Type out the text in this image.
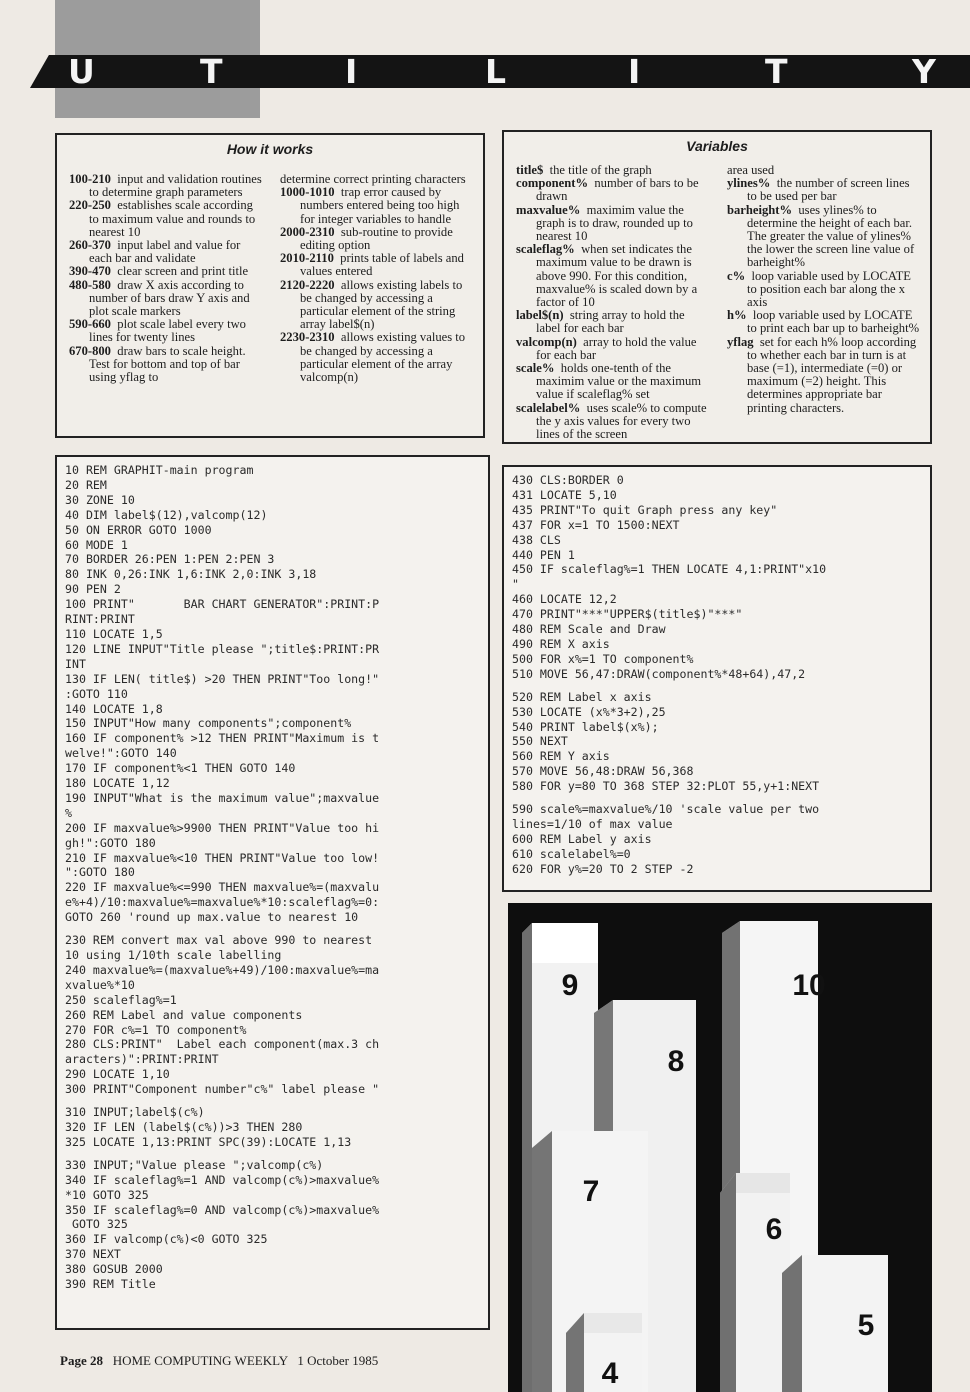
U	T	I	L	I	T	Y
How it works
100-210 input and validation routines to determine graph parameters
220-250 establishes scale according to maximum value and rounds to nearest 10
260-370 input label and value for each bar and validate
390-470 clear screen and print title
480-580 draw X axis according to number of bars draw Y axis and plot scale markers
590-660 plot scale label every two lines for twenty lines
670-800 draw bars to scale height. Test for bottom and top of bar using yflag to
determine correct printing characters
1000-1010 trap error caused by numbers entered being too high for integer variables to handle
2000-2310 sub-routine to provide editing option
2010-2110 prints table of labels and values entered
2120-2220 allows existing labels to be changed by accessing a particular element of the string array label$(n)
2230-2310 allows existing values to be changed by accessing a particular element of the array valcomp(n)
Variables
title$ the title of the graph
component% number of bars to be drawn
maxvalue% maximim value the graph is to draw, rounded up to nearest 10
scaleflag% when set indicates the maximum value to be drawn is above 990. For this condition, maxvalue% is scaled down by a factor of 10
label$(n) string array to hold the label for each bar
valcomp(n) array to hold the value for each bar
scale% holds one-tenth of the maximim value or the maximum value if scaleflag% set
scalelabel% uses scale% to compute the y axis values for every two lines of the screen
area used
ylines% the number of screen lines to be used per bar
barheight% uses ylines% to determine the height of each bar. The greater the value of ylines% the lower the screen line value of barheight%
c% loop variable used by LOCATE to position each bar along the x axis
h% loop variable used by LOCATE to print each bar up to barheight%
yflag set for each h% loop according to whether each bar in turn is at base (=1), intermediate (=0) or maximum (=2) height. This determines appropriate bar printing characters.
10 REM GRAPHIT-main program
20 REM
30 ZONE 10
40 DIM label$(12),valcomp(12)
50 ON ERROR GOTO 1000
60 MODE 1
70 BORDER 26:PEN 1:PEN 2:PEN 3
80 INK 0,26:INK 1,6:INK 2,0:INK 3,18
90 PEN 2
100 PRINT"       BAR CHART GENERATOR":PRINT:P
RINT:PRINT
110 LOCATE 1,5
120 LINE INPUT"Title please ";title$:PRINT:PR
INT
130 IF LEN( title$) >20 THEN PRINT"Too long!"
:GOTO 110
140 LOCATE 1,8
150 INPUT"How many components";component%
160 IF component% >12 THEN PRINT"Maximum is t
welve!":GOTO 140
170 IF component%<1 THEN GOTO 140
180 LOCATE 1,12
190 INPUT"What is the maximum value";maxvalue
%
200 IF maxvalue%>9900 THEN PRINT"Value too hi
gh!":GOTO 180
210 IF maxvalue%<10 THEN PRINT"Value too low!
":GOTO 180
220 IF maxvalue%<=990 THEN maxvalue%=(maxvalu
e%+4)/10:maxvalue%=maxvalue%*10:scaleflag%=0:
GOTO 260 'round up max.value to nearest 10
230 REM convert max val above 990 to nearest
10 using 1/10th scale labelling
240 maxvalue%=(maxvalue%+49)/100:maxvalue%=ma
xvalue%*10
250 scaleflag%=1
260 REM Label and value components
270 FOR c%=1 TO component%
280 CLS:PRINT"  Label each component(max.3 ch
aracters)":PRINT:PRINT
290 LOCATE 1,10
300 PRINT"Component number"c%" label please "
310 INPUT;label$(c%)
320 IF LEN (label$(c%))>3 THEN 280
325 LOCATE 1,13:PRINT SPC(39):LOCATE 1,13
330 INPUT;"Value please ";valcomp(c%)
340 IF scaleflag%=1 AND valcomp(c%)>maxvalue%
*10 GOTO 325
350 IF scaleflag%=0 AND valcomp(c%)>maxvalue%
GOTO 325
360 IF valcomp(c%)<0 GOTO 325
370 NEXT
380 GOSUB 2000
390 REM Title
430 CLS:BORDER 0
431 LOCATE 5,10
435 PRINT"To quit Graph press any key"
437 FOR x=1 TO 1500:NEXT
438 CLS
440 PEN 1
450 IF scaleflag%=1 THEN LOCATE 4,1:PRINT"x10
"
460 LOCATE 12,2
470 PRINT"***"UPPER$(title$)"***"
480 REM Scale and Draw
490 REM X axis
500 FOR x%=1 TO component%
510 MOVE 56,47:DRAW(component%*48+64),47,2
520 REM Label x axis
530 LOCATE (x%*3+2),25
540 PRINT label$(x%);
550 NEXT
560 REM Y axis
570 MOVE 56,48:DRAW 56,368
580 FOR y=80 TO 368 STEP 32:PLOT 55,y+1:NEXT
590 scale%=maxvalue%/10 'scale value per two
lines=1/10 of max value
600 REM Label y axis
610 scalelabel%=0
620 FOR y%=20 TO 2 STEP -2
9	10
8
7
6
5
4
Page 28 HOME COMPUTING WEEKLY 1 October 1985
